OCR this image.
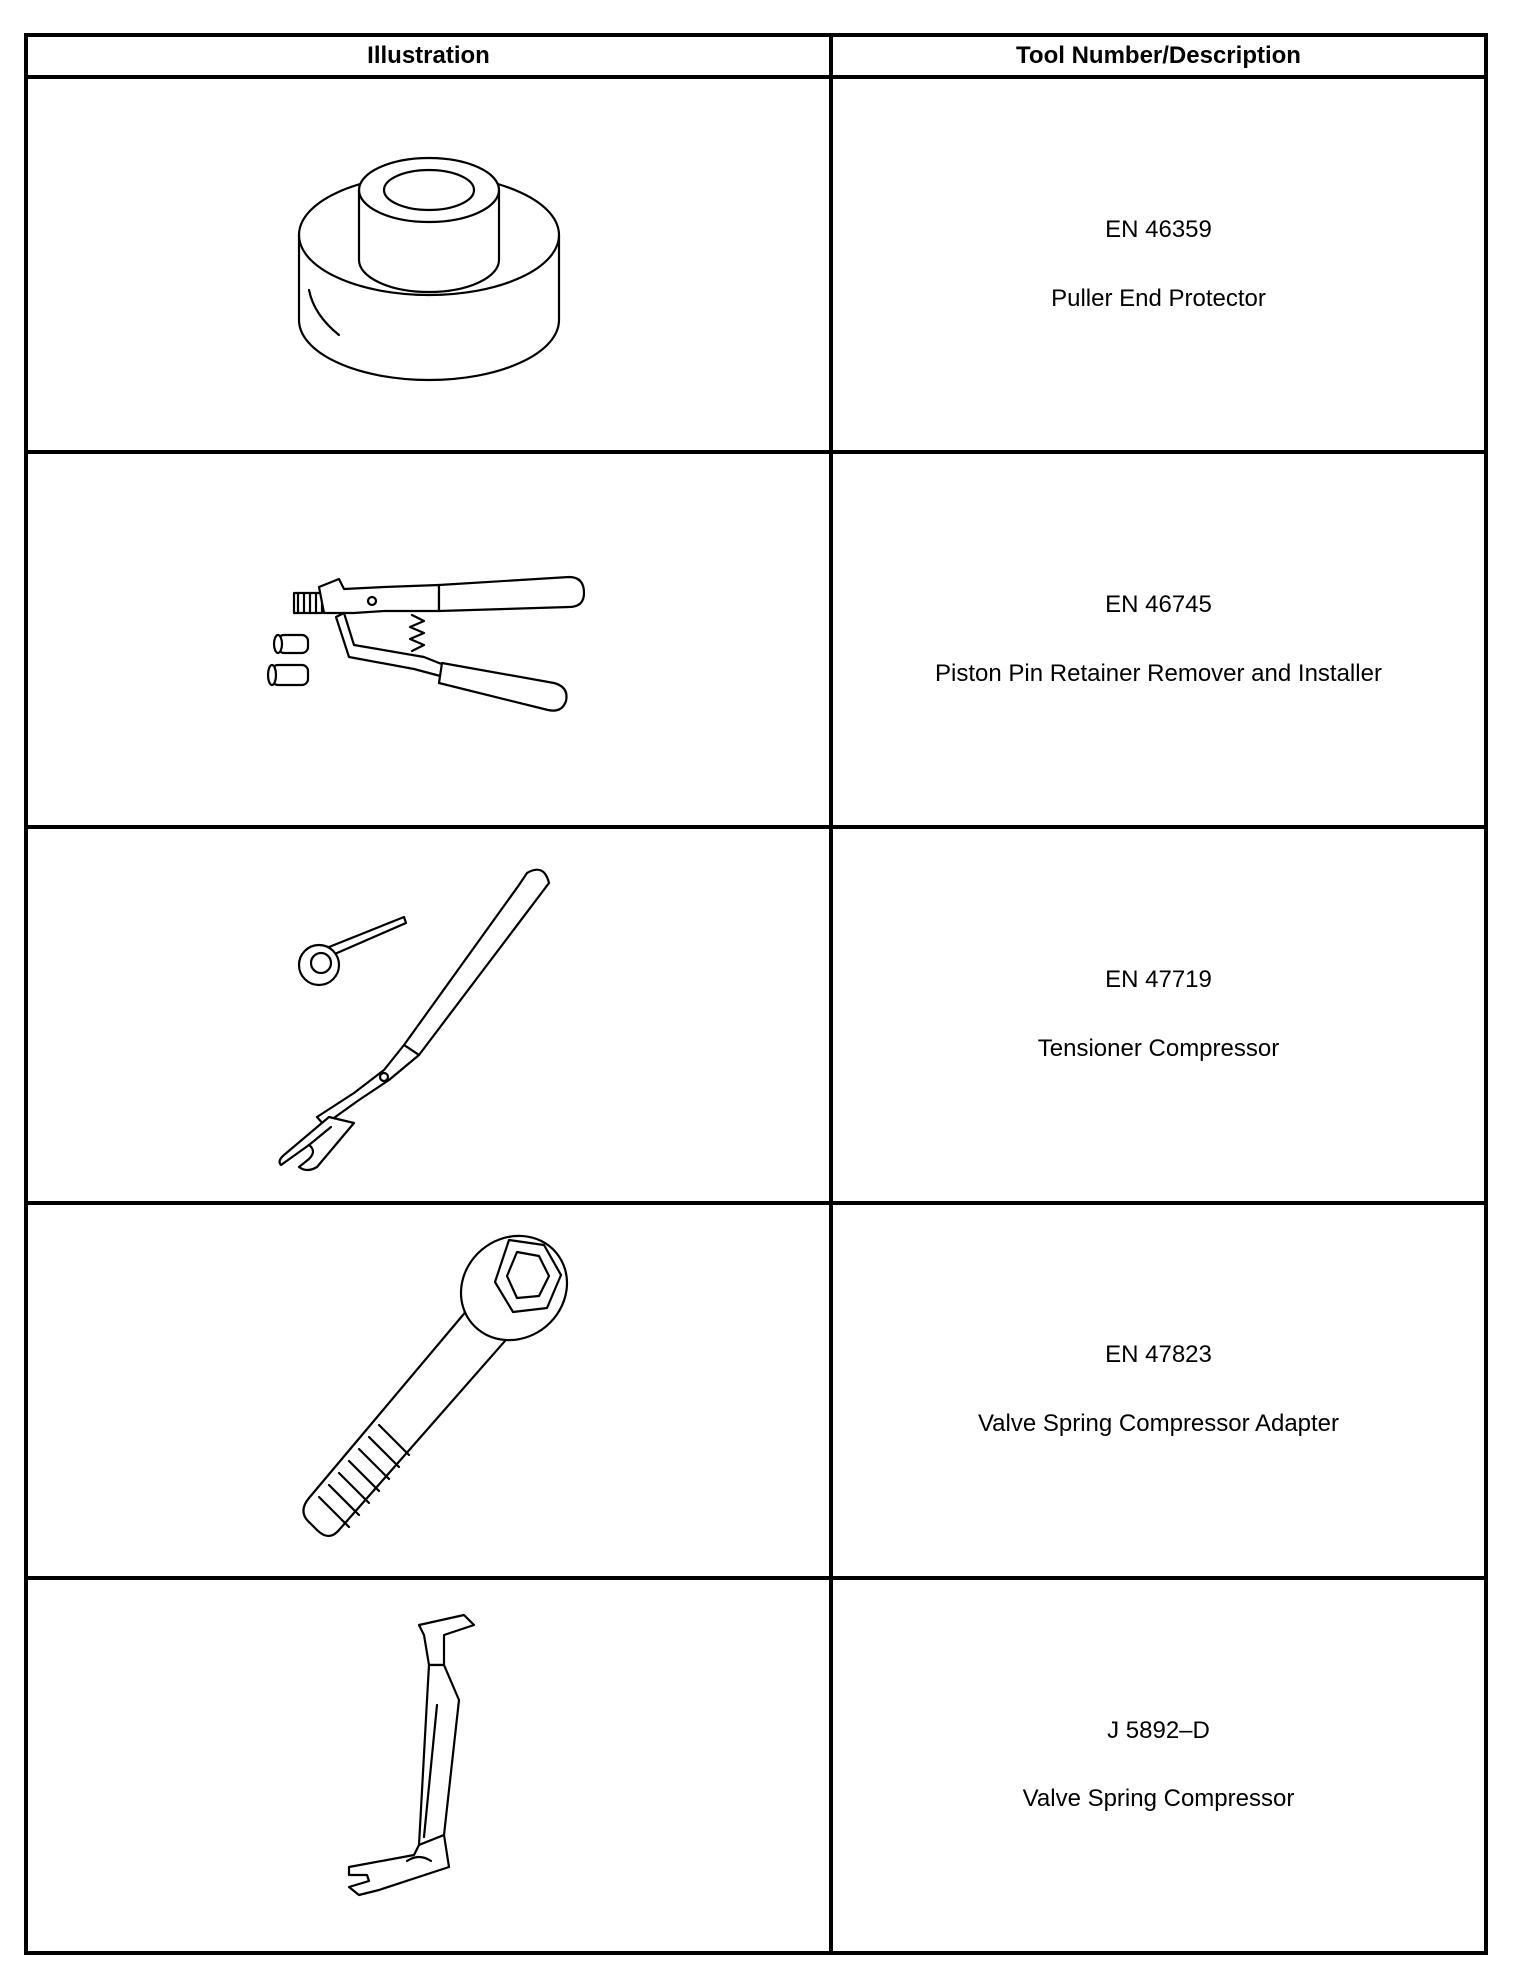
Illustration	Tool Number/Description

EN 46359
Puller End Protector

EN 46745
Piston Pin Retainer Remover and Installer

EN 47719
Tensioner Compressor

EN 47823
Valve Spring Compressor Adapter

J 5892–D
Valve Spring Compressor
